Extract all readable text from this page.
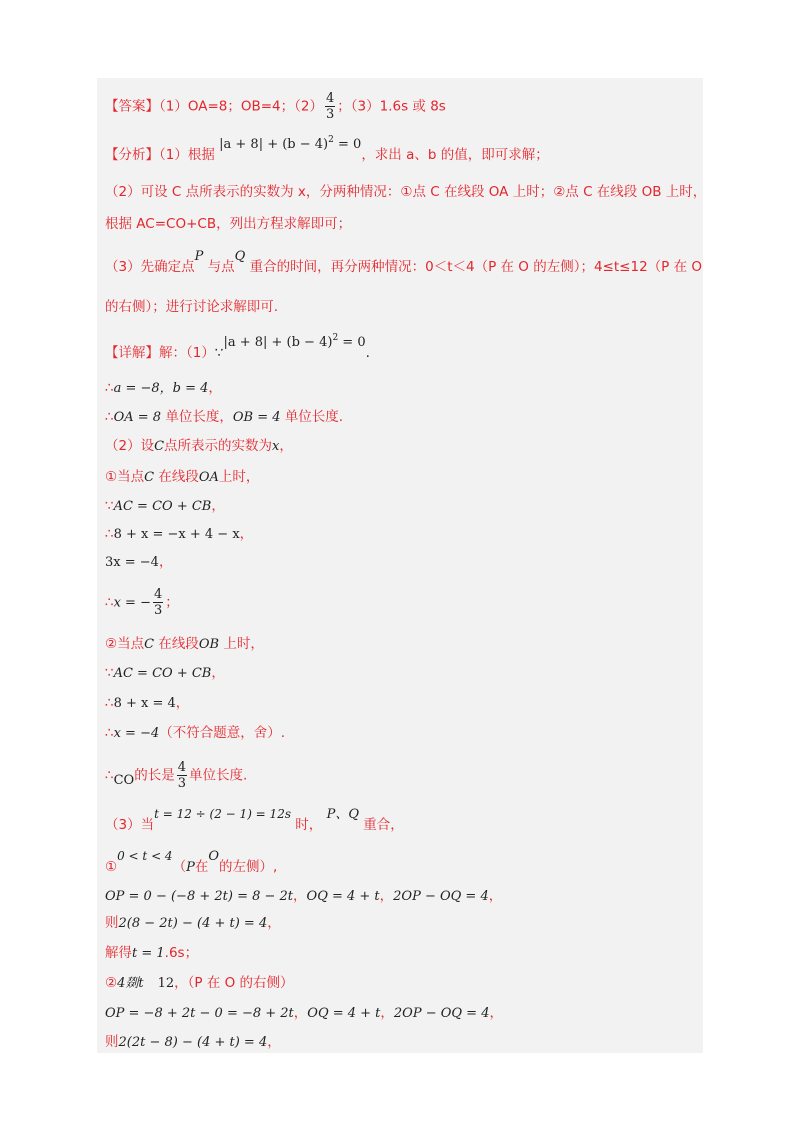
【答案】（1）OA=8；OB=4；$(2) \frac{4}{3}$ ；（3）1.6s 或 8s
【分析】（1）根据 $|a + 8| + (b - 4)^2 = 0$，求出 a、b 的值，即可求解；
（2）可设 C 点所表示的实数为 x，分两种情况：①点 C 在线段 OA 上时；②点 C 在线段 OB 上时，
根据 AC=CO+CB，列出方程求解即可；
（3）先确定点P 与点Q 重合的时间，再分两种情况：0＜t＜4（P 在 O 的左侧）；4≤t≤12（P 在 O
的右侧）；进行讨论求解即可.
【详解】解：（1）∵|a + $8| + (b - 4)^2 = 0$.
∴a = −8，b = 4，
∴OA = 8 单位长度，OB = 4 单位长度.
（2）设C点所表示的实数为x，
①当点C 在线段OA上时，
∵AC = CO + CB，
∴8 + x = −x + 4 − x，
3x = −4，
∴x = − $\frac{4}{3}$ ；
②当点C 在线段OB 上时，
∵AC = CO + CB，
∴8 + x = 4，
∴x = −4（不符合题意，舍）.
∴CO的长是 $\frac{4}{3}$ 单位长度.
（3）当t = 12 ÷ (2 − 1) = 12s 时， P、Q 重合，
①0 < t < 4（P在O的左侧）,
OP = 0 − (−8 + 2t) = 8 − 2t，OQ = 4 + t，2OP − OQ = 4，
则2(8 − 2t) − (4 + t) = 4，
解得t = 1.6s；
②4剟t 12，（P 在 O 的右侧）
OP = −8 + 2t − 0 = −8 + 2t，OQ = 4 + t，2OP − OQ = 4，
则2(2t − 8) − (4 + t) = 4，
